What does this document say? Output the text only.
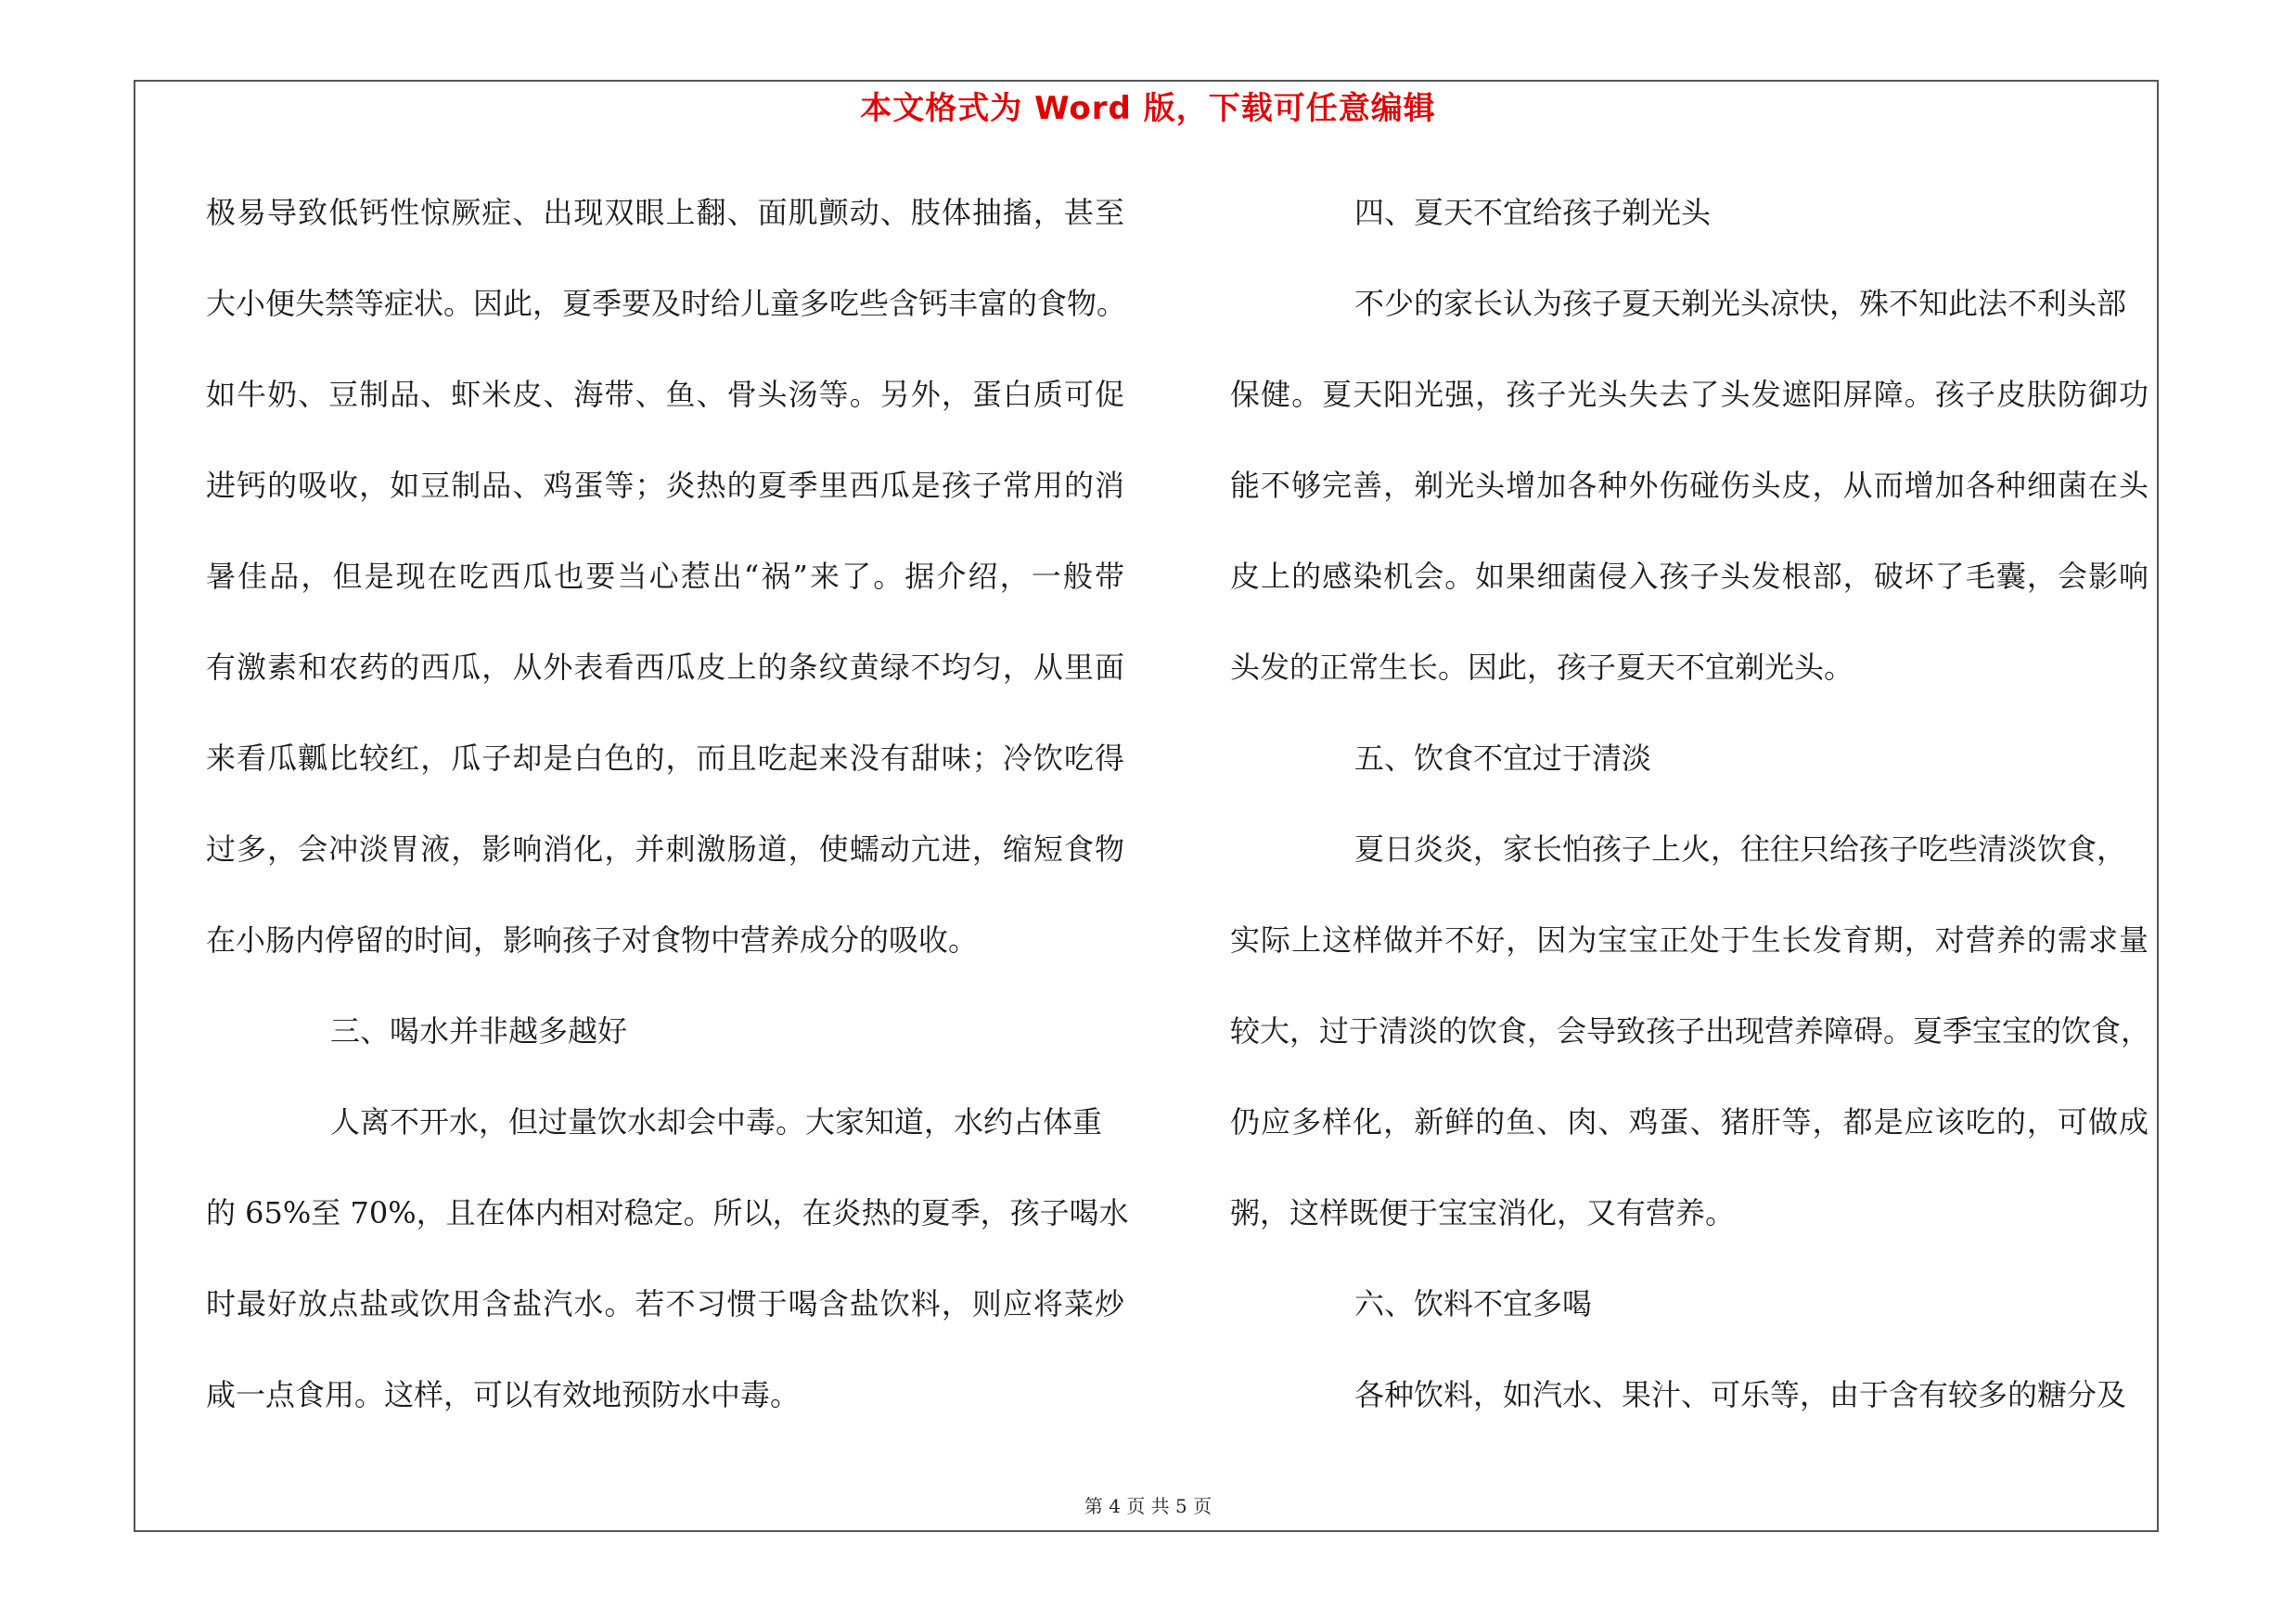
本文格式为 Word 版，下载可任意编辑
极易导致低钙性惊厥症、出现双眼上翻、面肌颤动、肢体抽搐，甚至
大小便失禁等症状。因此，夏季要及时给儿童多吃些含钙丰富的食物。
如牛奶、豆制品、虾米皮、海带、鱼、骨头汤等。另外，蛋白质可促
进钙的吸收，如豆制品、鸡蛋等；炎热的夏季里西瓜是孩子常用的消
暑佳品，但是现在吃西瓜也要当心惹出“祸”来了。据介绍，一般带
有激素和农药的西瓜，从外表看西瓜皮上的条纹黄绿不均匀，从里面
来看瓜瓤比较红，瓜子却是白色的，而且吃起来没有甜味；冷饮吃得
过多，会冲淡胃液，影响消化，并刺激肠道，使蠕动亢进，缩短食物
在小肠内停留的时间，影响孩子对食物中营养成分的吸收。
三、喝水并非越多越好
人离不开水，但过量饮水却会中毒。大家知道，水约占体重
的 65%至 70%，且在体内相对稳定。所以，在炎热的夏季，孩子喝水
时最好放点盐或饮用含盐汽水。若不习惯于喝含盐饮料，则应将菜炒
咸一点食用。这样，可以有效地预防水中毒。
四、夏天不宜给孩子剃光头
不少的家长认为孩子夏天剃光头凉快，殊不知此法不利头部
保健。夏天阳光强，孩子光头失去了头发遮阳屏障。孩子皮肤防御功
能不够完善，剃光头增加各种外伤碰伤头皮，从而增加各种细菌在头
皮上的感染机会。如果细菌侵入孩子头发根部，破坏了毛囊，会影响
头发的正常生长。因此，孩子夏天不宜剃光头。
五、饮食不宜过于清淡
夏日炎炎，家长怕孩子上火，往往只给孩子吃些清淡饮食，
实际上这样做并不好，因为宝宝正处于生长发育期，对营养的需求量
较大，过于清淡的饮食，会导致孩子出现营养障碍。夏季宝宝的饮食，
仍应多样化，新鲜的鱼、肉、鸡蛋、猪肝等，都是应该吃的，可做成
粥，这样既便于宝宝消化，又有营养。
六、饮料不宜多喝
各种饮料，如汽水、果汁、可乐等，由于含有较多的糖分及
第 4 页 共 5 页
